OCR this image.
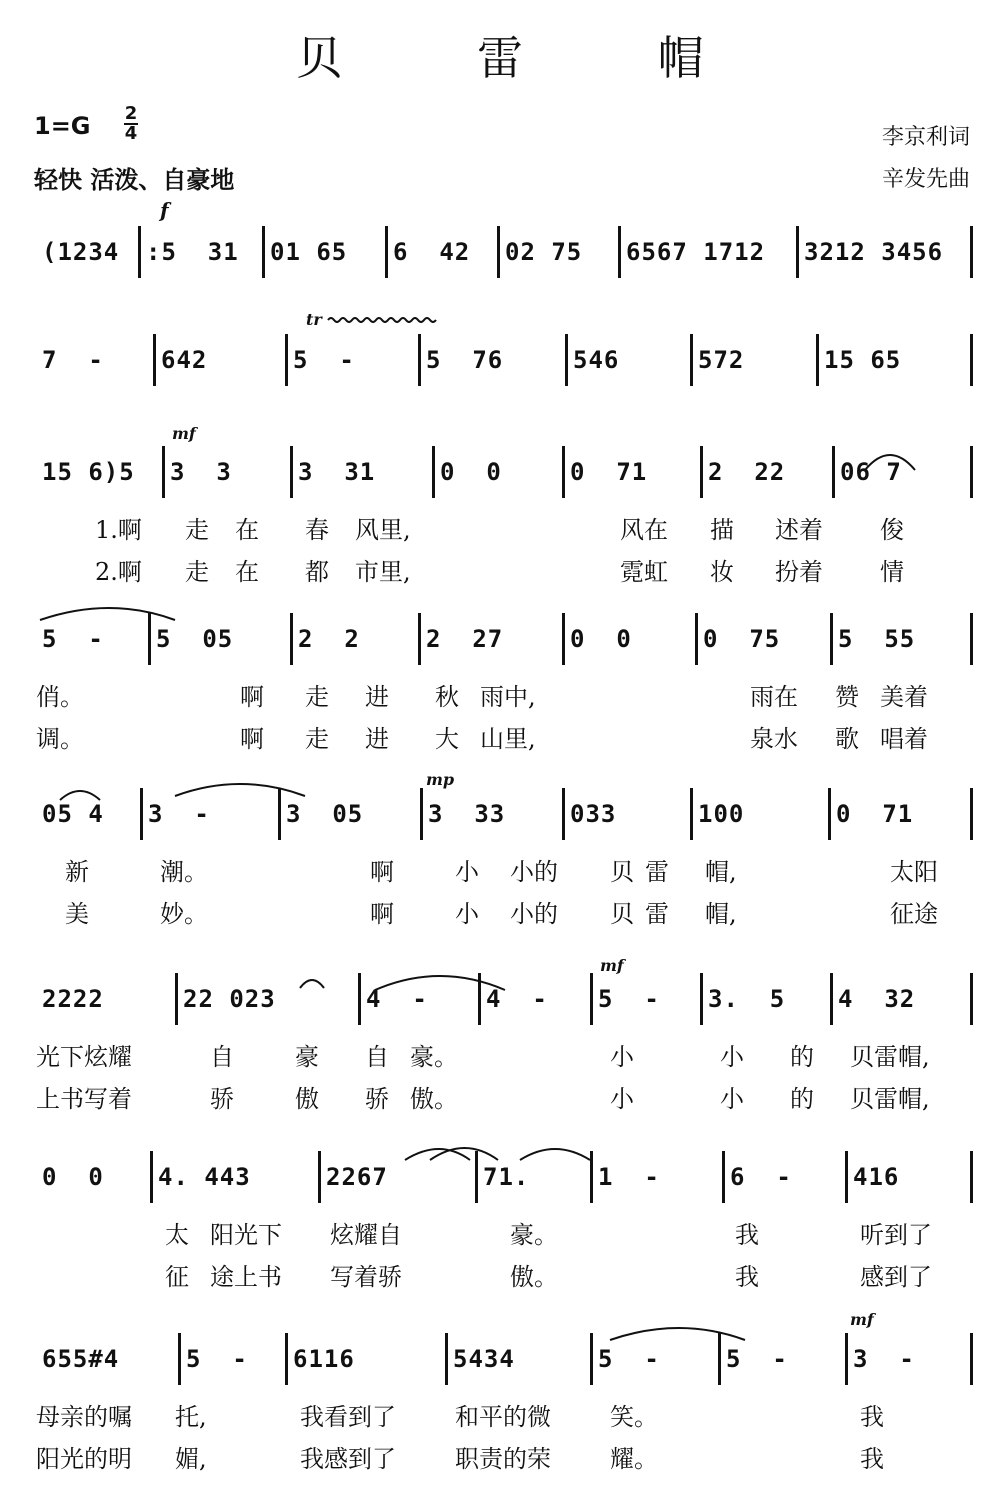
贝 雷 帽
1=G 2
4
轻快 活泼、自豪地
李京利词
辛发先曲
f
tr
mf
mp
mf
mf
(1234 :5  31 01 65 6  42 02 75 6567 1712 3212 3456
7  - 642	5  -	5  76	546	572	15 65
15 6)5 3  3	3  31	0  0	0  71	2  22 06 7
1.啊 走 在 春 风里,	风在 描 述着 俊
2.啊 走 在 都 市里,	霓虹 妆 扮着 情
5  - 5  05	2  2	2  27	0  0	0  75 5  55
俏。	啊 走 进 秋 雨中,	雨在 赞 美着
调。	啊 走 进 大 山里,	泉水 歌 唱着
05 4 3  -	3  05	3  33	033	100	0  71
新	潮。	啊	小 小的 贝 雷 帽,	太阳
美	妙。	啊	小 小的 贝 雷 帽,	征途
2222	22 023	4  - 4  - 5  - 3.  5 4  32
光下炫耀	自	豪 自 豪。	小	小 的 贝雷帽,
上书写着	骄	傲 骄 傲。	小	小 的 贝雷帽,
0  0 4. 443	2267	71.	1  -	6  -	416
太 阳光下 炫耀自	豪。	我	听到了
征 途上书 写着骄	傲。	我	感到了
655#4	5  - 6116	5434	5  -	5  -	3  -
母亲的嘱 托,	我看到了 和平的微 笑。	我
阳光的明 媚,	我感到了 职责的荣 耀。	我
